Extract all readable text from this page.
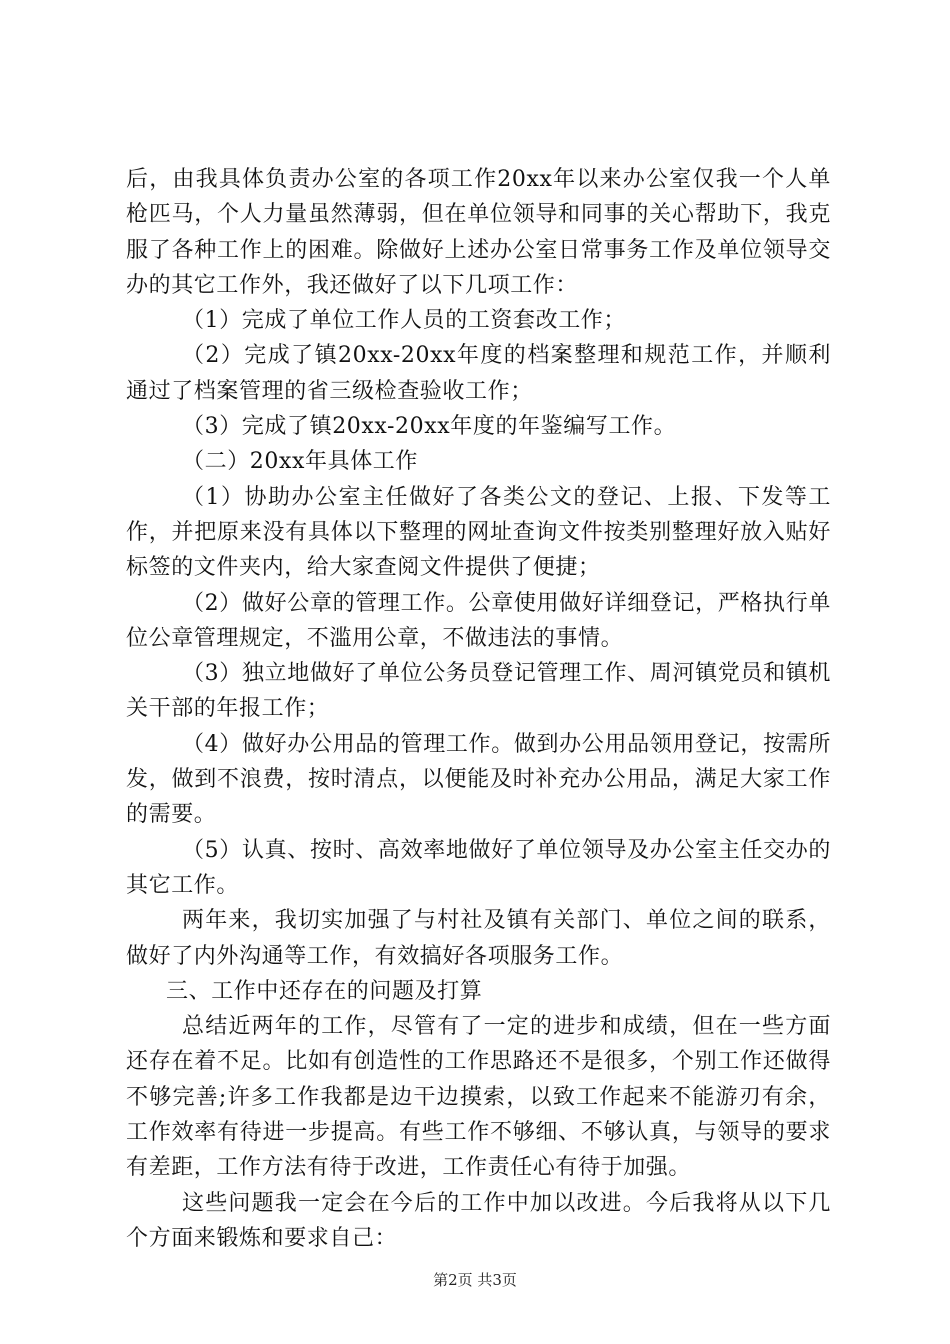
后，由我具体负责办公室的各项工作20xx年以来办公室仅我一个人单枪匹马，个人力量虽然薄弱，但在单位领导和同事的关心帮助下，我克服了各种工作上的困难。除做好上述办公室日常事务工作及单位领导交办的其它工作外，我还做好了以下几项工作：

（1）完成了单位工作人员的工资套改工作；

（2）完成了镇20xx-20xx年度的档案整理和规范工作，并顺利通过了档案管理的省三级检查验收工作；

（3）完成了镇20xx-20xx年度的年鉴编写工作。

（二）20xx年具体工作

（1）协助办公室主任做好了各类公文的登记、上报、下发等工作，并把原来没有具体以下整理的网址查询文件按类别整理好放入贴好标签的文件夹内，给大家查阅文件提供了便捷；

（2）做好公章的管理工作。公章使用做好详细登记，严格执行单位公章管理规定，不滥用公章，不做违法的事情。

（3）独立地做好了单位公务员登记管理工作、周河镇党员和镇机关干部的年报工作；

（4）做好办公用品的管理工作。做到办公用品领用登记，按需所发，做到不浪费，按时清点，以便能及时补充办公用品，满足大家工作的需要。

（5）认真、按时、高效率地做好了单位领导及办公室主任交办的其它工作。

两年来，我切实加强了与村社及镇有关部门、单位之间的联系，做好了内外沟通等工作，有效搞好各项服务工作。

三、工作中还存在的问题及打算

总结近两年的工作，尽管有了一定的进步和成绩，但在一些方面还存在着不足。比如有创造性的工作思路还不是很多，个别工作还做得不够完善;许多工作我都是边干边摸索，以致工作起来不能游刃有余，工作效率有待进一步提高。有些工作不够细、不够认真，与领导的要求有差距，工作方法有待于改进，工作责任心有待于加强。

这些问题我一定会在今后的工作中加以改进。今后我将从以下几个方面来锻炼和要求自己：

第2页 共3页
